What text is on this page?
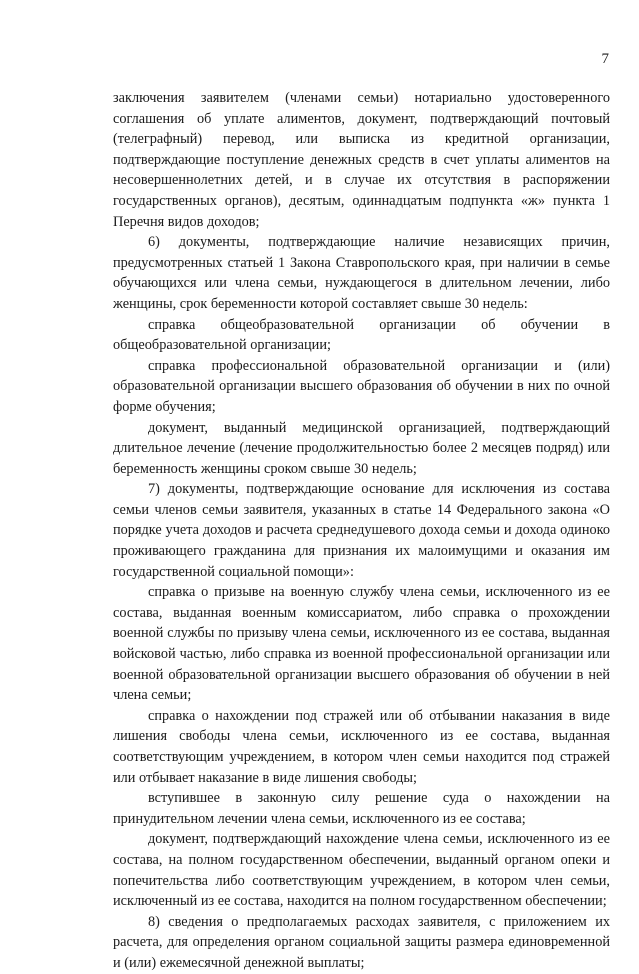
7

заключения заявителем (членами семьи) нотариально удостоверенного соглашения об уплате алиментов, документ, подтверждающий почтовый (телеграфный) перевод, или выписка из кредитной организации, подтверждающие поступление денежных средств в счет уплаты алиментов на несовершеннолетних детей, и в случае их отсутствия в распоряжении государственных органов), десятым, одиннадцатым подпункта «ж» пункта 1 Перечня видов доходов;

6) документы, подтверждающие наличие независящих причин, предусмотренных статьей 1 Закона Ставропольского края, при наличии в семье обучающихся или члена семьи, нуждающегося в длительном лечении, либо женщины, срок беременности которой составляет свыше 30 недель:

справка общеобразовательной организации об обучении в общеобразовательной организации;

справка профессиональной образовательной организации и (или) образовательной организации высшего образования об обучении в них по очной форме обучения;

документ, выданный медицинской организацией, подтверждающий длительное лечение (лечение продолжительностью более 2 месяцев подряд) или беременность женщины сроком свыше 30 недель;

7) документы, подтверждающие основание для исключения из состава семьи членов семьи заявителя, указанных в статье 14 Федерального закона «О порядке учета доходов и расчета среднедушевого дохода семьи и дохода одиноко проживающего гражданина для признания их малоимущими и оказания им государственной социальной помощи»:

справка о призыве на военную службу члена семьи, исключенного из ее состава, выданная военным комиссариатом, либо справка о прохождении военной службы по призыву члена семьи, исключенного из ее состава, выданная войсковой частью, либо справка из военной профессиональной организации или военной образовательной организации высшего образования об обучении в ней члена семьи;

справка о нахождении под стражей или об отбывании наказания в виде лишения свободы члена семьи, исключенного из ее состава, выданная соответствующим учреждением, в котором член семьи находится под стражей или отбывает наказание в виде лишения свободы;

вступившее в законную силу решение суда о нахождении на принудительном лечении члена семьи, исключенного из ее состава;

документ, подтверждающий нахождение члена семьи, исключенного из ее состава, на полном государственном обеспечении, выданный органом опеки и попечительства либо соответствующим учреждением, в котором член семьи, исключенный из ее состава, находится на полном государственном обеспечении;

8) сведения о предполагаемых расходах заявителя, с приложением их расчета, для определения органом социальной защиты размера единовременной и (или) ежемесячной денежной выплаты;
